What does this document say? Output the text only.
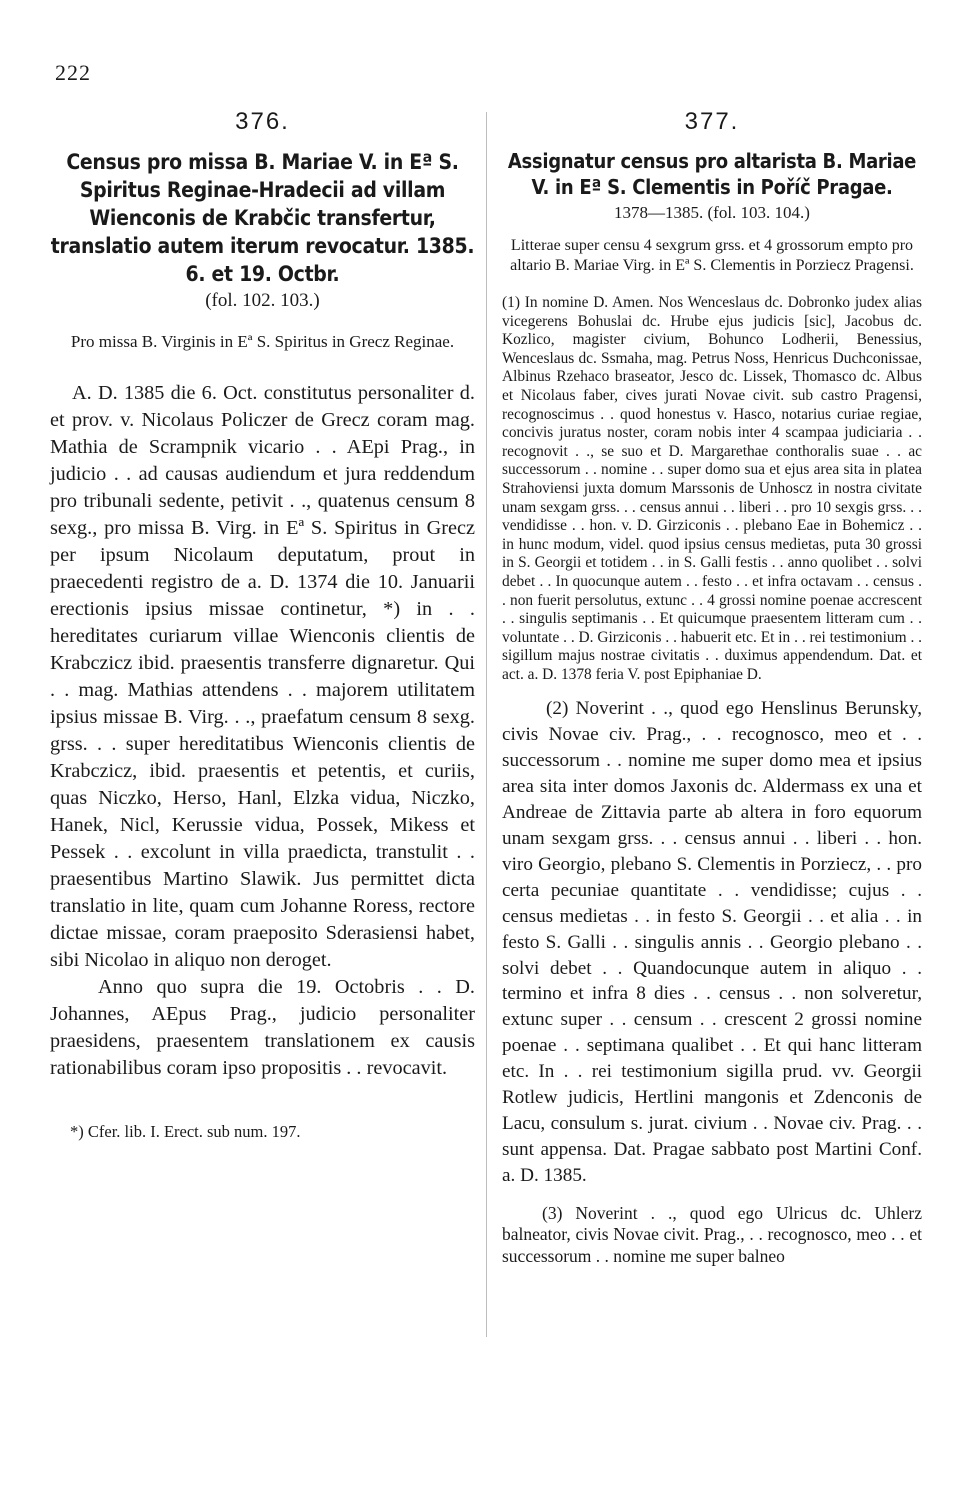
222
376.

Census pro missa B. Mariae V. in Eª S. Spiritus Reginae-Hradecii ad villam Wienconis de Krabčic transfertur, translatio autem iterum revocatur. 1385. 6. et 19. Octbr.

(fol. 102. 103.)

Pro missa B. Virginis in Eª S. Spiritus in Grecz Reginae.

A. D. 1385 die 6. Oct. constitutus personaliter d. et prov. v. Nicolaus Policzer de Grecz coram mag. Mathia de Scrampnik vicario . . AEpi Prag., in judicio . . ad causas audiendum et jura reddendum pro tribunali sedente, petivit . ., quatenus censum 8 sexg., pro missa B. Virg. in Eª S. Spiritus in Grecz per ipsum Nicolaum deputatum, prout in praecedenti registro de a. D. 1374 die 10. Januarii erectionis ipsius missae continetur, *) in . . hereditates curiarum villae Wienconis clientis de Krabczicz ibid. praesentis transferre dignaretur. Qui . . mag. Mathias attendens . . majorem utilitatem ipsius missae B. Virg. . ., praefatum censum 8 sexg. grss. . . super hereditatibus Wienconis clientis de Krabczicz, ibid. praesentis et petentis, et curiis, quas Niczko, Herso, Hanl, Elzka vidua, Niczko, Hanek, Nicl, Kerussie vidua, Possek, Mikess et Pessek . . excolunt in villa praedicta, transtulit . . praesentibus Martino Slawik. Jus permittet dicta translatio in lite, quam cum Johanne Roress, rectore dictae missae, coram praeposito Sderasiensi habet, sibi Nicolao in aliquo non deroget.

Anno quo supra die 19. Octobris . . D. Johannes, AEpus Prag., judicio personaliter praesidens, praesentem translationem ex causis rationabilibus coram ipso propositis . . revocavit.

*) Cfer. lib. I. Erect. sub num. 197.

377.

Assignatur census pro altarista B. Mariae V. in Eª S. Clementis in Poříč Pragae.

1378—1385. (fol. 103. 104.)

Litterae super censu 4 sexgrum grss. et 4 grossorum empto pro altario B. Mariae Virg. in Eª S. Clementis in Porziecz Pragensi.

(1) In nomine D. Amen. Nos Wenceslaus dc. Dobronko judex alias vicegerens Bohuslai dc. Hrube ejus judicis [sic], Jacobus dc. Kozlico, magister civium, Bohunco Lodherii, Benessius, Wenceslaus dc. Ssmaha, mag. Petrus Noss, Henricus Duchconissae, Albinus Rzehaco braseator, Jesco dc. Lissek, Thomasco dc. Albus et Nicolaus faber, cives jurati Novae civit. sub castro Pragensi, recognoscimus . . quod honestus v. Hasco, notarius curiae regiae, concivis juratus noster, coram nobis inter 4 scampaa judiciaria . . recognovit . ., se suo et D. Margarethae conthoralis suae . . ac successorum . . nomine . . super domo sua et ejus area sita in platea Strahoviensi juxta domum Marssonis de Unhoscz in nostra civitate unam sexgam grss. . . census annui . . liberi . . pro 10 sexgis grss. . . vendidisse . . hon. v. D. Girziconis . . plebano Eae in Bohemicz . . in hunc modum, videl. quod ipsius census medietas, puta 30 grossi in S. Georgii et totidem . . in S. Galli festis . . anno quolibet . . solvi debet . . In quocunque autem . . festo . . et infra octavam . . census . . non fuerit persolutus, extunc . . 4 grossi nomine poenae accrescent . . singulis septimanis . . Et quicumque praesentem litteram cum . . voluntate . . D. Girziconis . . habuerit etc. Et in . . rei testimonium . . sigillum majus nostrae civitatis . . duximus appendendum. Dat. et act. a. D. 1378 feria V. post Epiphaniae D.

(2) Noverint . ., quod ego Henslinus Berunsky, civis Novae civ. Prag., . . recognosco, meo et . . successorum . . nomine me super domo mea et ipsius area sita inter domos Jaxonis dc. Aldermass ex una et Andreae de Zittavia parte ab altera in foro equorum unam sexgam grss. . . census annui . . liberi . . hon. viro Georgio, plebano S. Clementis in Porziecz, . . pro certa pecuniae quantitate . . vendidisse; cujus . . census medietas . . in festo S. Georgii . . et alia . . in festo S. Galli . . singulis annis . . Georgio plebano . . solvi debet . . Quandocunque autem in aliquo . . termino et infra 8 dies . . census . . non solveretur, extunc super . . censum . . crescent 2 grossi nomine poenae . . septimana qualibet . . Et qui hanc litteram etc. In . . rei testimonium sigilla prud. vv. Georgii Rotlew judicis, Hertlini mangonis et Zdenconis de Lacu, consulum s. jurat. civium . . Novae civ. Prag. . . sunt appensa. Dat. Pragae sabbato post Martini Conf. a. D. 1385.

(3) Noverint . ., quod ego Ulricus dc. Uhlerz balneator, civis Novae civit. Prag., . . recognosco, meo . . et successorum . . nomine me super balneo
